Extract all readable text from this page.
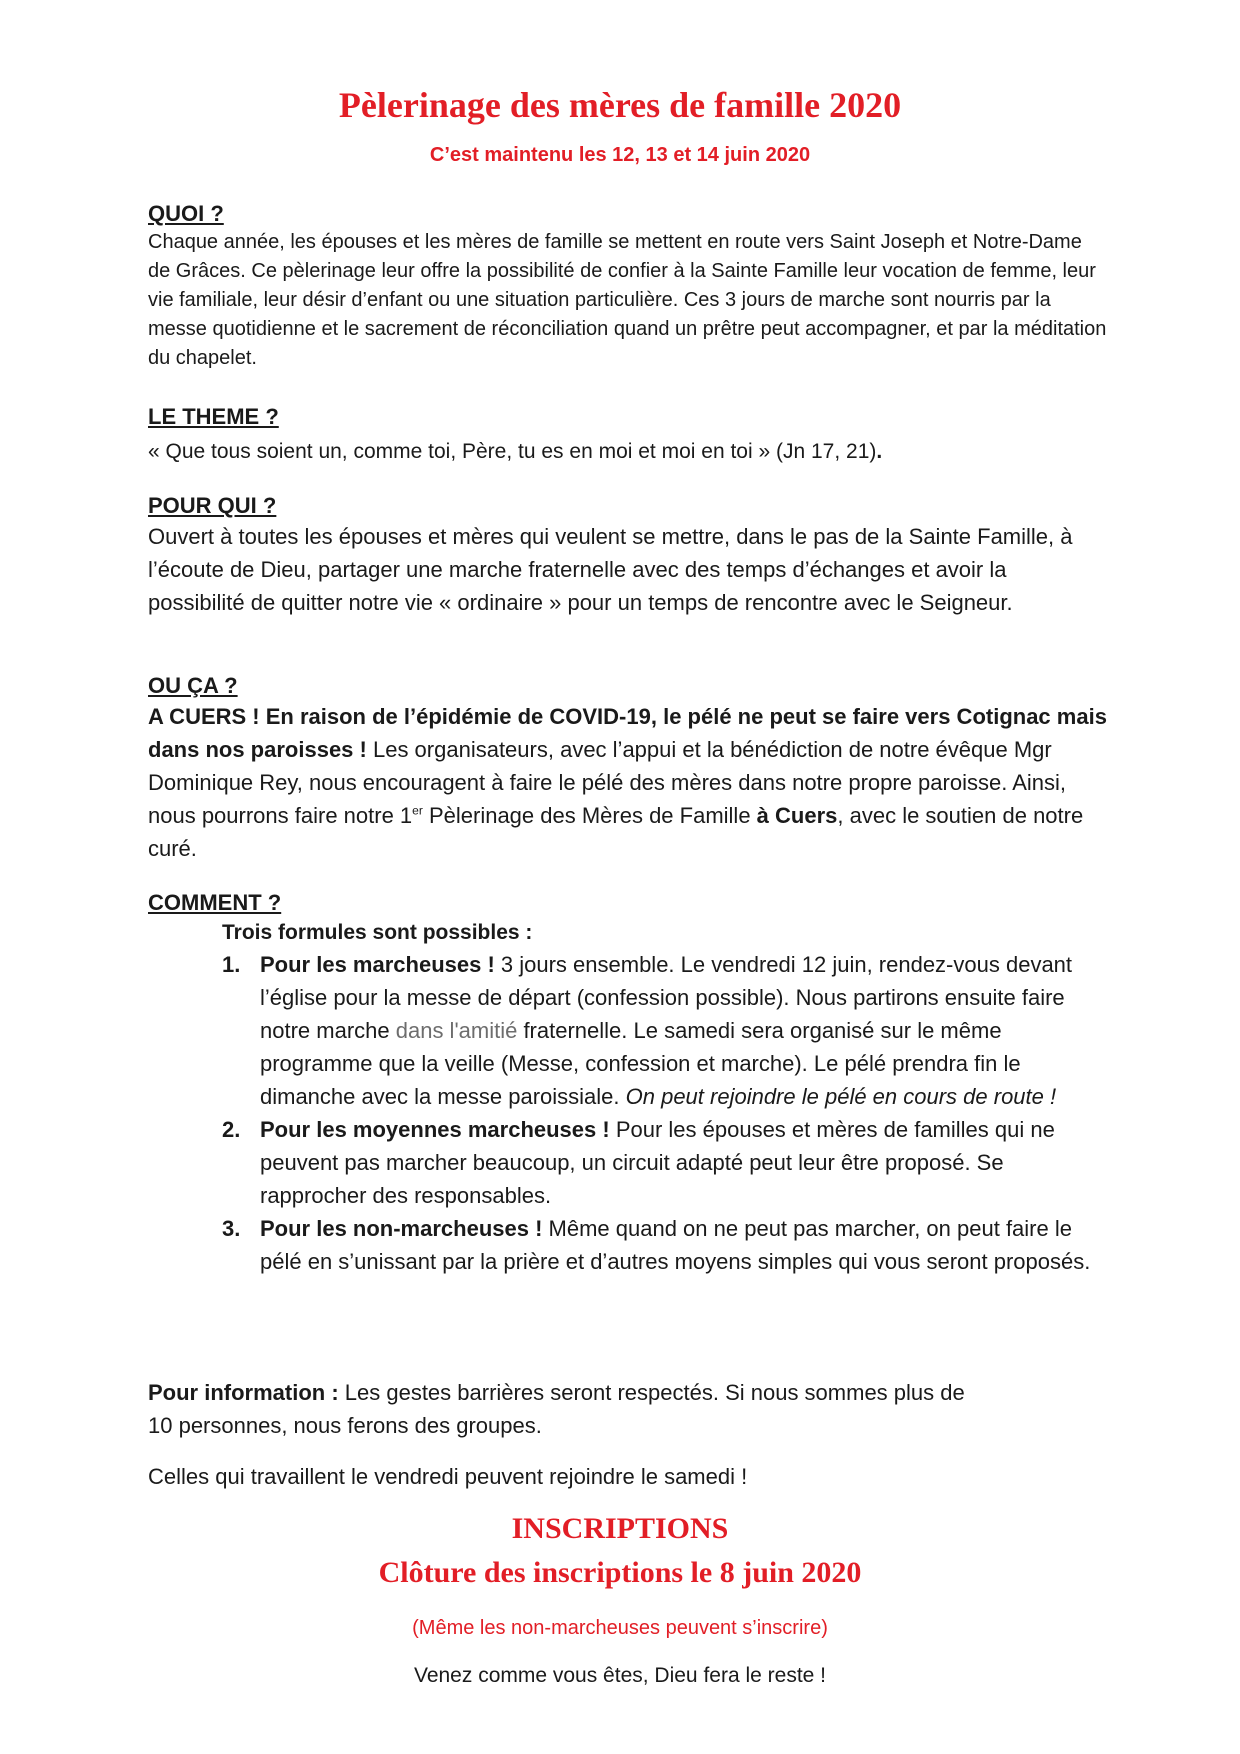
Pèlerinage des mères de famille 2020
C’est maintenu les 12, 13 et 14 juin 2020
QUOI ?
Chaque année, les épouses et les mères de famille se mettent en route vers Saint Joseph et Notre-Dame de Grâces. Ce pèlerinage leur offre la possibilité de confier à la Sainte Famille leur vocation de femme, leur vie familiale, leur désir d’enfant ou une situation particulière. Ces 3 jours de marche sont nourris par la messe quotidienne et le sacrement de réconciliation quand un prêtre peut accompagner, et par la méditation du chapelet.
LE THEME ?
« Que tous soient un, comme toi, Père, tu es en moi et moi en toi » (Jn 17, 21).
POUR QUI ?
Ouvert à toutes les épouses et mères qui veulent se mettre, dans le pas de la Sainte Famille, à l’écoute de Dieu, partager une marche fraternelle avec des temps d’échanges et avoir la possibilité de quitter notre vie « ordinaire » pour un temps de rencontre avec le Seigneur.
OU ÇA ?
A CUERS ! En raison de l’épidémie de COVID-19, le pélé ne peut se faire vers Cotignac mais dans nos paroisses ! Les organisateurs, avec l’appui et la bénédiction de notre évêque Mgr Dominique Rey, nous encouragent à faire le pélé des mères dans notre propre paroisse. Ainsi, nous pourrons faire notre 1er Pèlerinage des Mères de Famille à Cuers, avec le soutien de notre curé.
COMMENT ?
Trois formules sont possibles :
1. Pour les marcheuses ! 3 jours ensemble. Le vendredi 12 juin, rendez-vous devant l’église pour la messe de départ (confession possible). Nous partirons ensuite faire notre marche dans l'amitié fraternelle. Le samedi sera organisé sur le même programme que la veille (Messe, confession et marche). Le pélé prendra fin le dimanche avec la messe paroissiale. On peut rejoindre le pélé en cours de route !
2. Pour les moyennes marcheuses ! Pour les épouses et mères de familles qui ne peuvent pas marcher beaucoup, un circuit adapté peut leur être proposé. Se rapprocher des responsables.
3. Pour les non-marcheuses ! Même quand on ne peut pas marcher, on peut faire le pélé en s’unissant par la prière et d’autres moyens simples qui vous seront proposés.
Pour information : Les gestes barrières seront respectés. Si nous sommes plus de
10 personnes, nous ferons des groupes.
Celles qui travaillent le vendredi peuvent rejoindre le samedi !
INSCRIPTIONS
Clôture des inscriptions le 8 juin 2020
(Même les non-marcheuses peuvent s’inscrire)
Venez comme vous êtes, Dieu fera le reste !
